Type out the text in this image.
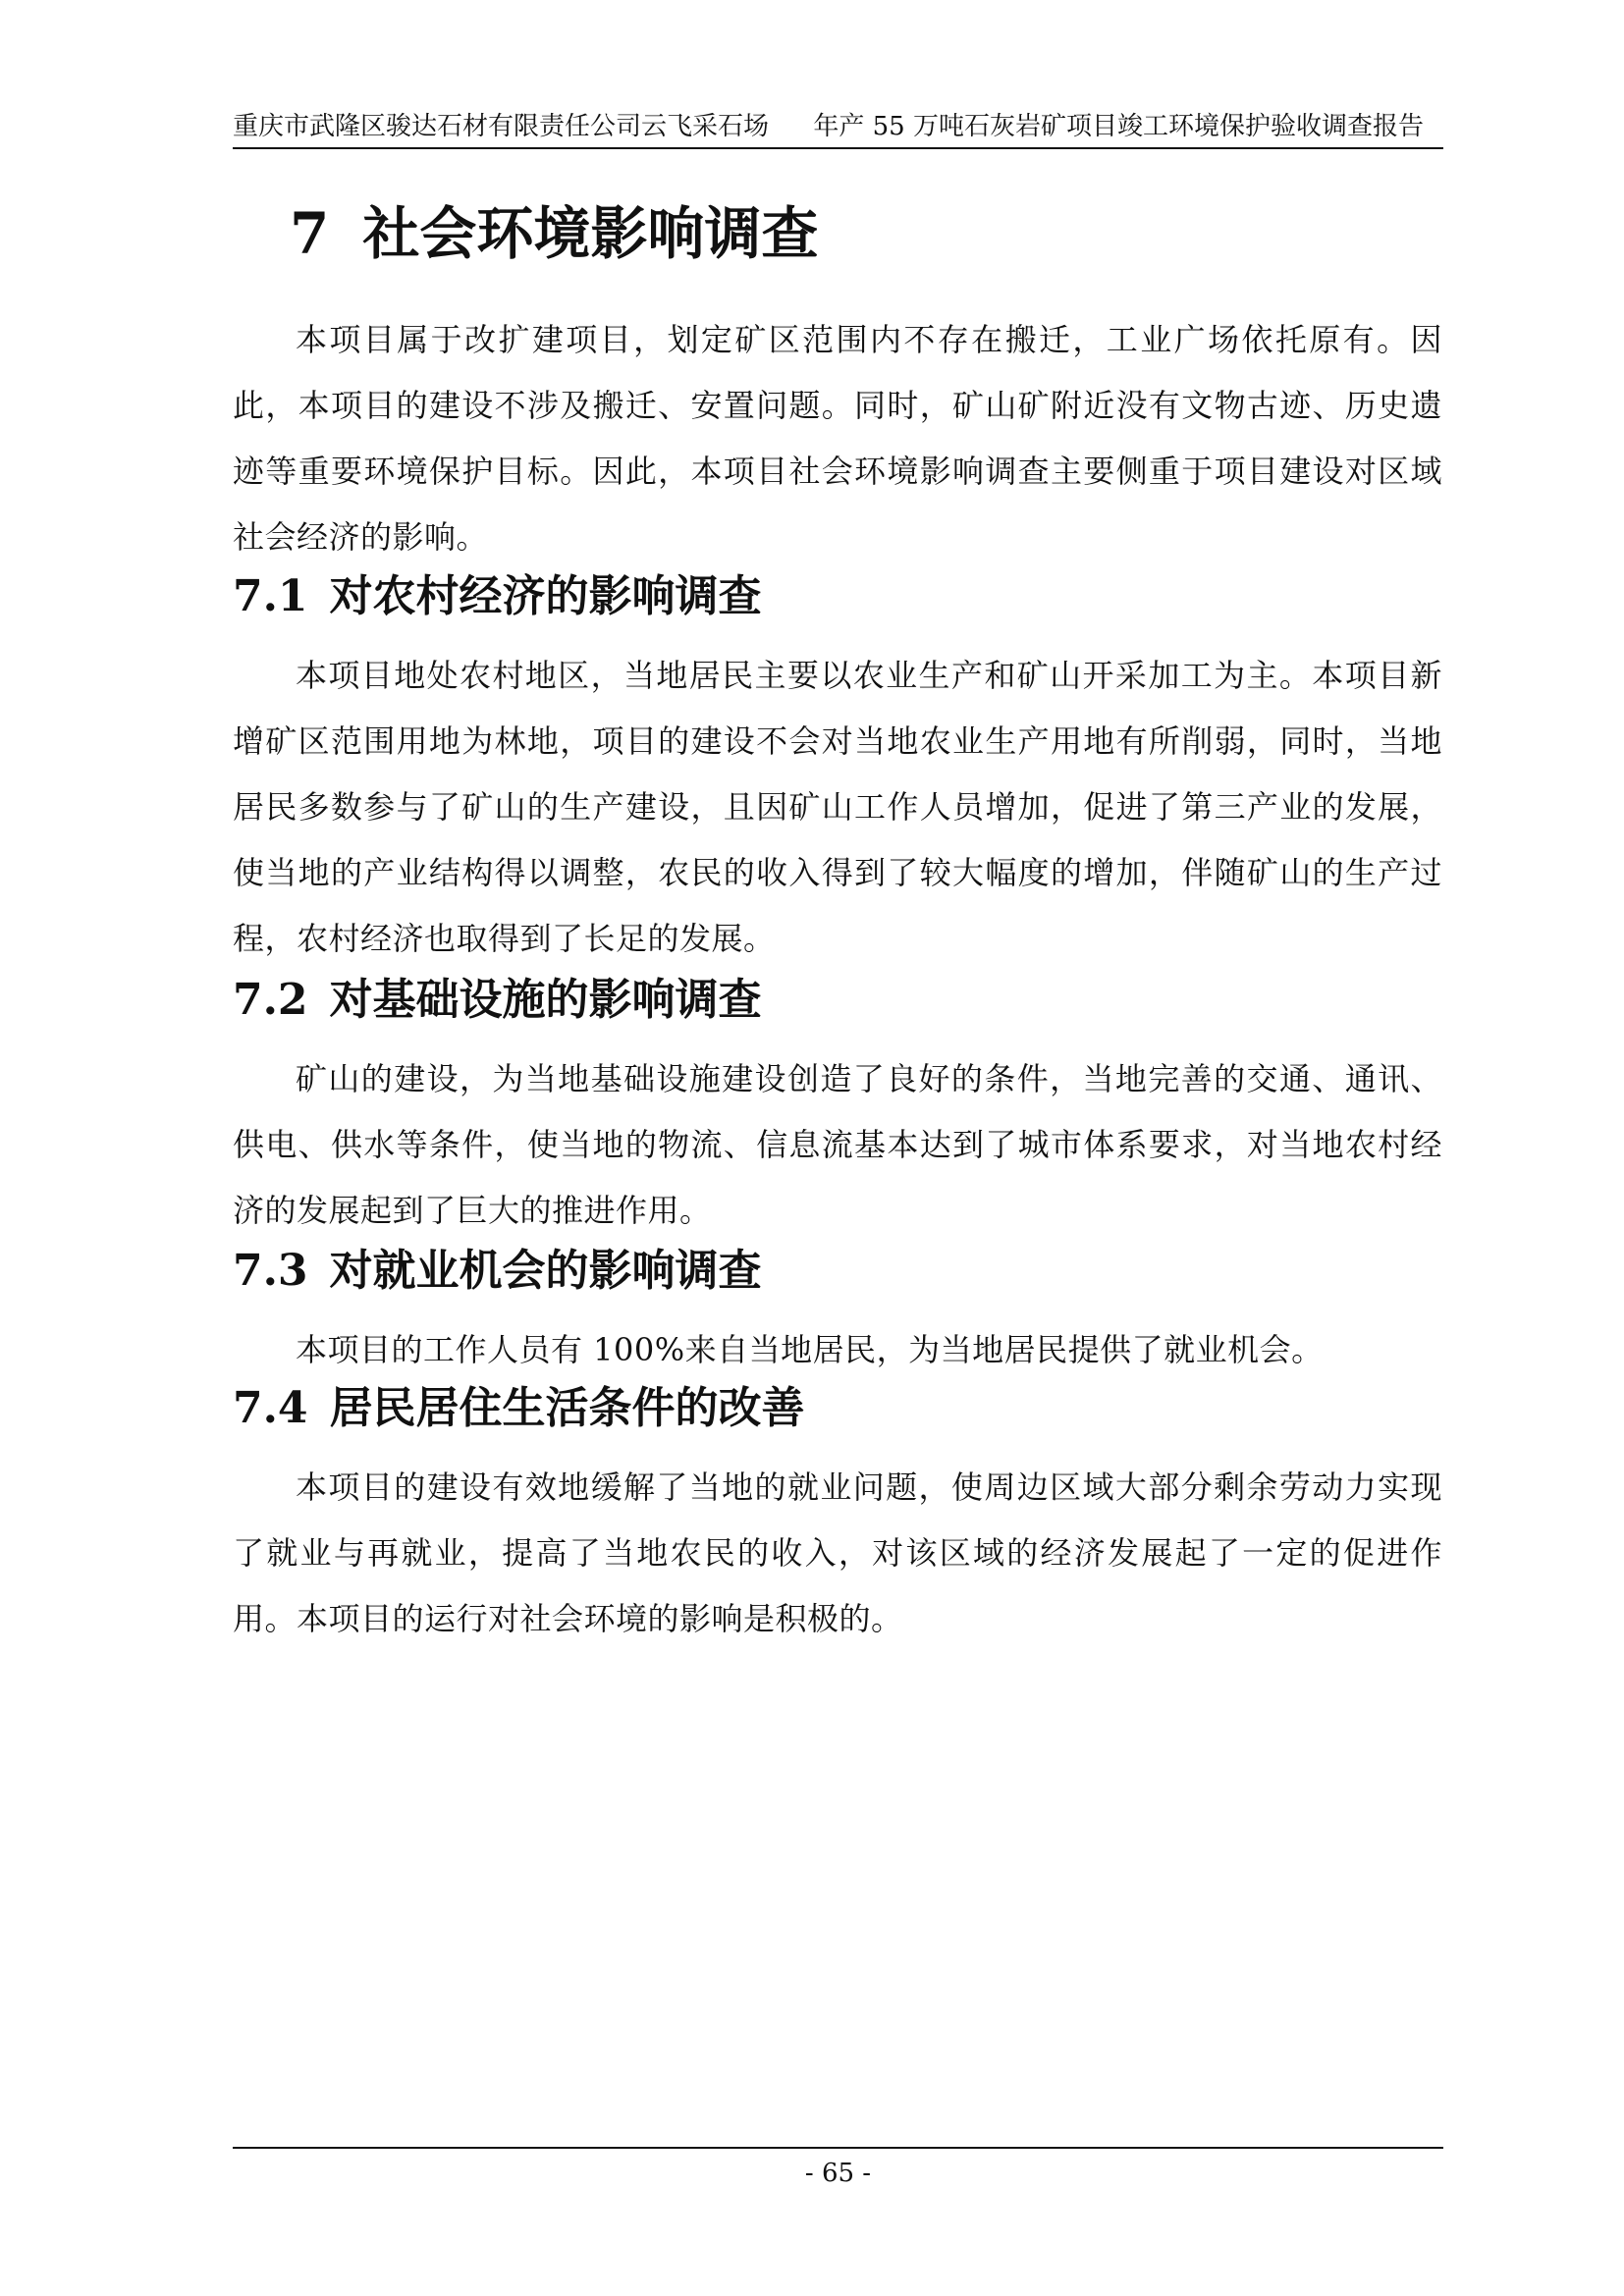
重庆市武隆区骏达石材有限责任公司云飞采石场 年产 55 万吨石灰岩矿项目竣工环境保护验收调查报告
7 社会环境影响调查

本项目属于改扩建项目，划定矿区范围内不存在搬迁，工业广场依托原有。因此，本项目的建设不涉及搬迁、安置问题。同时，矿山矿附近没有文物古迹、历史遗迹等重要环境保护目标。因此，本项目社会环境影响调查主要侧重于项目建设对区域社会经济的影响。

7.1 对农村经济的影响调查

本项目地处农村地区，当地居民主要以农业生产和矿山开采加工为主。本项目新增矿区范围用地为林地，项目的建设不会对当地农业生产用地有所削弱，同时，当地居民多数参与了矿山的生产建设，且因矿山工作人员增加，促进了第三产业的发展，使当地的产业结构得以调整，农民的收入得到了较大幅度的增加，伴随矿山的生产过程，农村经济也取得到了长足的发展。

7.2 对基础设施的影响调查

矿山的建设，为当地基础设施建设创造了良好的条件，当地完善的交通、通讯、供电、供水等条件，使当地的物流、信息流基本达到了城市体系要求，对当地农村经济的发展起到了巨大的推进作用。

7.3 对就业机会的影响调查

本项目的工作人员有 100%来自当地居民，为当地居民提供了就业机会。

7.4 居民居住生活条件的改善

本项目的建设有效地缓解了当地的就业问题，使周边区域大部分剩余劳动力实现了就业与再就业，提高了当地农民的收入，对该区域的经济发展起了一定的促进作用。本项目的运行对社会环境的影响是积极的。

- 65 -
